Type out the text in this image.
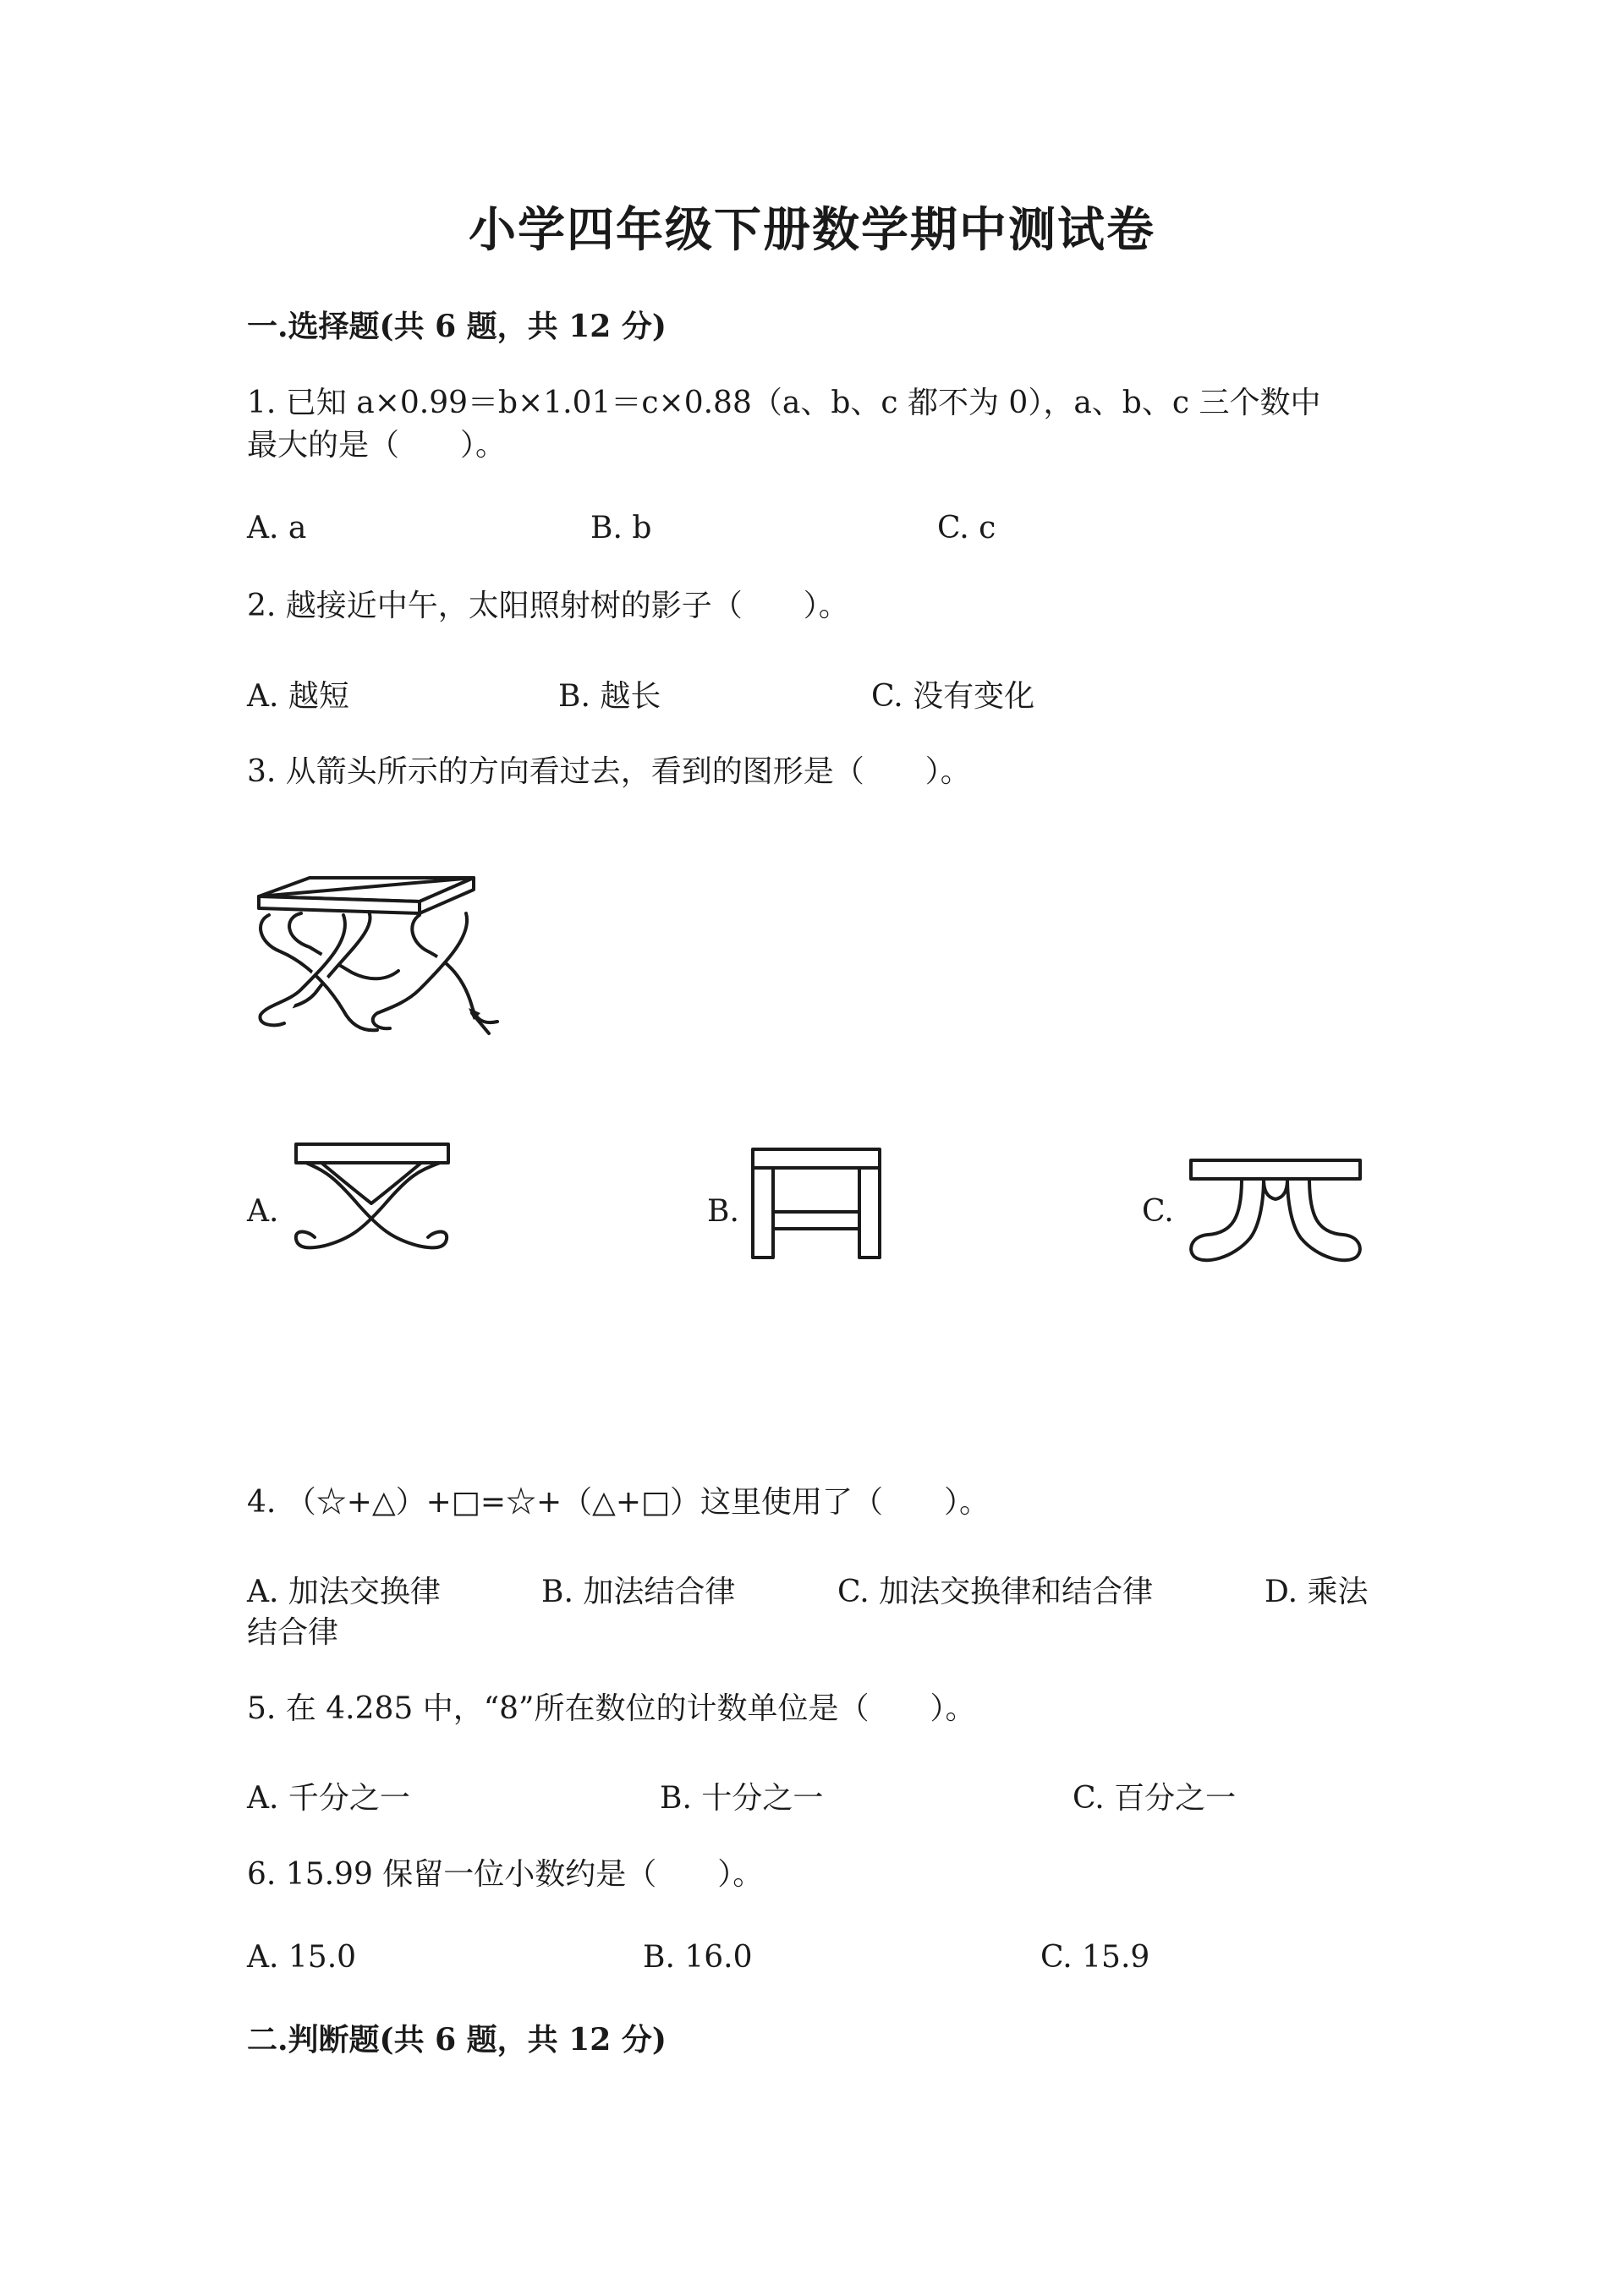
小学四年级下册数学期中测试卷
一.选择题(共 6 题，共 12 分)
1. 已知 a×0.99＝b×1.01＝c×0.88（a、b、c 都不为 0），a、b、c 三个数中
最大的是（　　）。
A. a	B. b	C. c
2. 越接近中午，太阳照射树的影子（　　）。
A. 越短	B. 越长	C. 没有变化
3. 从箭头所示的方向看过去，看到的图形是（　　）。
A.	B.	C.
4. （☆+△）+□=☆+（△+□）这里使用了（　　）。
A. 加法交换律	B. 加法结合律	C. 加法交换律和结合律	D. 乘法
结合律
5. 在 4.285 中，“8”所在数位的计数单位是（　　）。
A. 千分之一	B. 十分之一	C. 百分之一
6. 15.99 保留一位小数约是（　　）。
A. 15.0	B. 16.0	C. 15.9
二.判断题(共 6 题，共 12 分)
